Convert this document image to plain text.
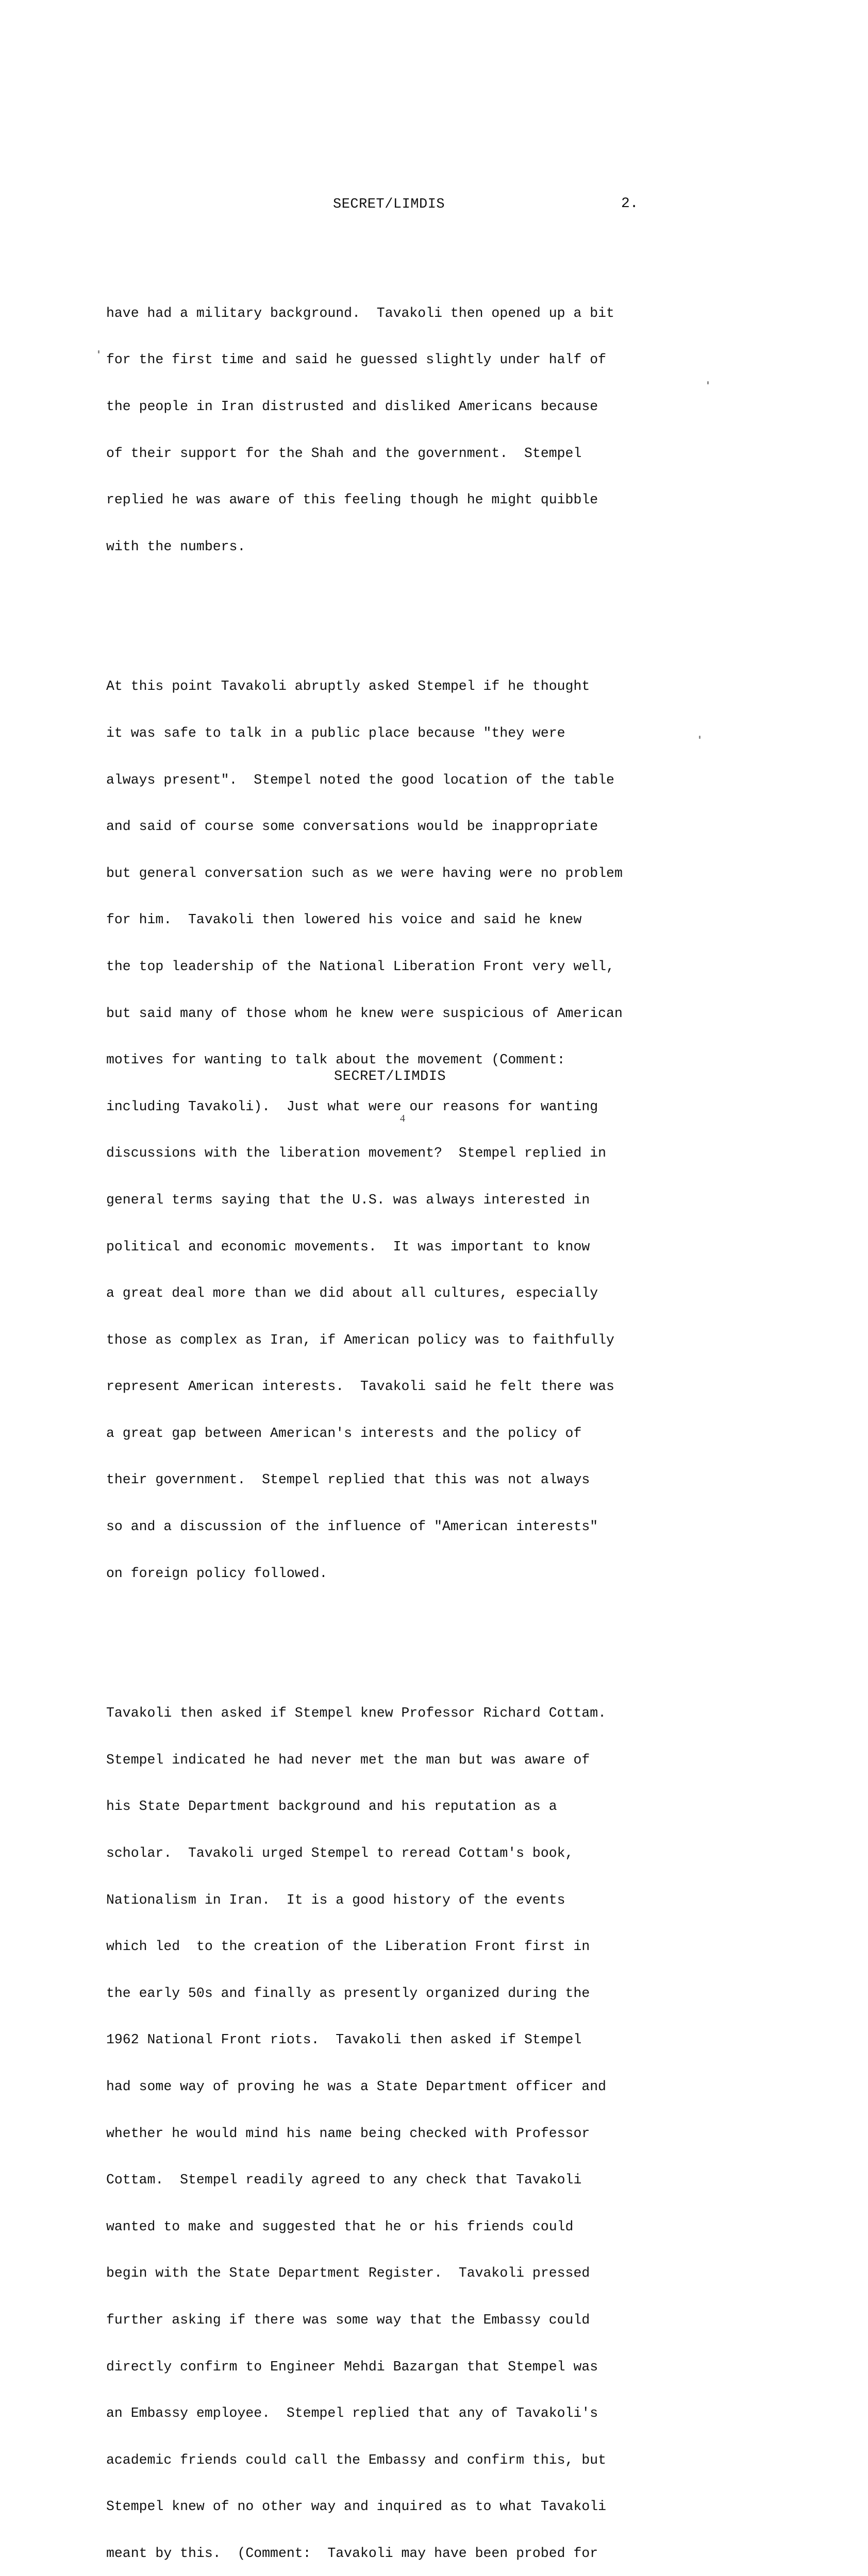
SECRET/LIMDIS	2.

have had a military background.  Tavakoli then opened up a bit

for the first time and said he guessed slightly under half of

the people in Iran distrusted and disliked Americans because

of their support for the Shah and the government.  Stempel

replied he was aware of this feeling though he might quibble

with the numbers.

At this point Tavakoli abruptly asked Stempel if he thought

it was safe to talk in a public place because "they were

always present".  Stempel noted the good location of the table

and said of course some conversations would be inappropriate

but general conversation such as we were having were no problem

for him.  Tavakoli then lowered his voice and said he knew

the top leadership of the National Liberation Front very well,

but said many of those whom he knew were suspicious of American

motives for wanting to talk about the movement (Comment:

including Tavakoli).  Just what were our reasons for wanting

discussions with the liberation movement?  Stempel replied in

general terms saying that the U.S. was always interested in

political and economic movements.  It was important to know

a great deal more than we did about all cultures, especially

those as complex as Iran, if American policy was to faithfully

represent American interests.  Tavakoli said he felt there was

a great gap between American's interests and the policy of

their government.  Stempel replied that this was not always

so and a discussion of the influence of "American interests"

on foreign policy followed.

Tavakoli then asked if Stempel knew Professor Richard Cottam.

Stempel indicated he had never met the man but was aware of

his State Department background and his reputation as a

scholar.  Tavakoli urged Stempel to reread Cottam's book,

Nationalism in Iran.  It is a good history of the events

which led  to the creation of the Liberation Front first in

the early 50s and finally as presently organized during the

1962 National Front riots.  Tavakoli then asked if Stempel

had some way of proving he was a State Department officer and

whether he would mind his name being checked with Professor

Cottam.  Stempel readily agreed to any check that Tavakoli

wanted to make and suggested that he or his friends could

begin with the State Department Register.  Tavakoli pressed

further asking if there was some way that the Embassy could

directly confirm to Engineer Mehdi Bazargan that Stempel was

an Embassy employee.  Stempel replied that any of Tavakoli's

academic friends could call the Embassy and confirm this, but

Stempel knew of no other way and inquired as to what Tavakoli

meant by this.  (Comment:  Tavakoli may have been probed for

SECRET/LIMDIS
4
